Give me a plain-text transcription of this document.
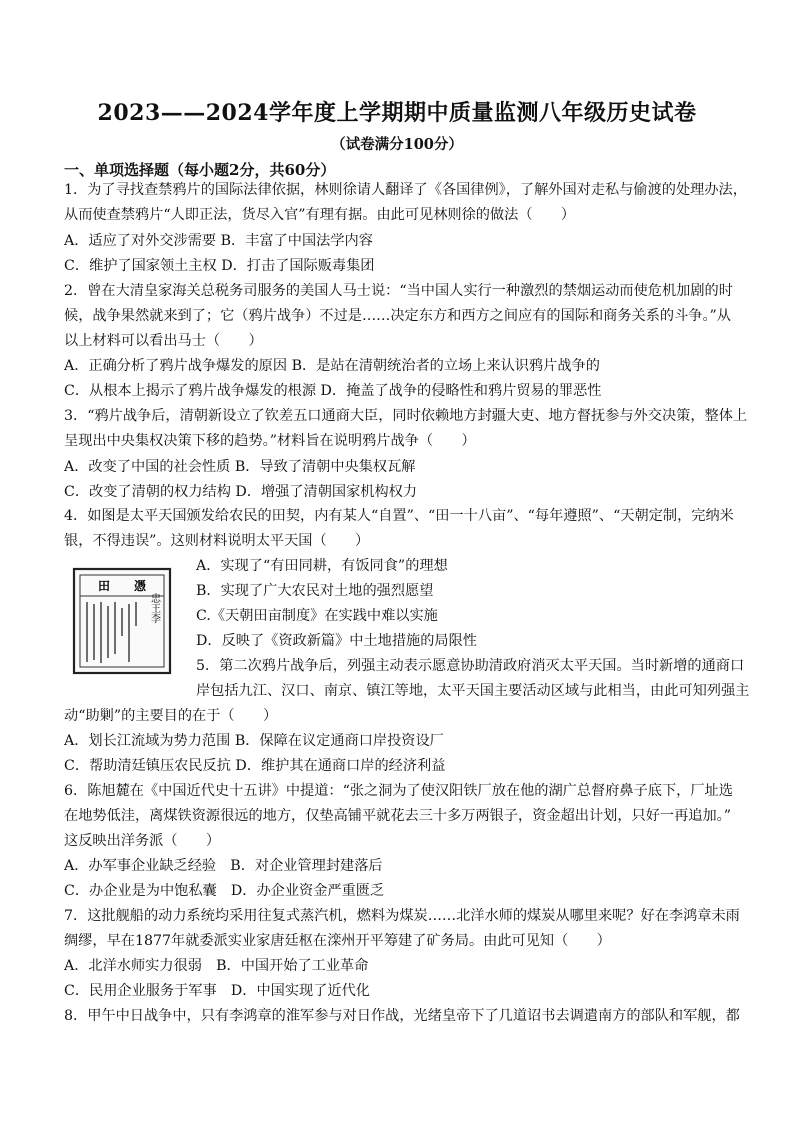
2023——2024学年度上学期期中质量监测八年级历史试卷
（试卷满分100分）
一、单项选择题（每小题2分，共60分）
1．为了寻找查禁鸦片的国际法律依据，林则徐请人翻译了《各国律例》，了解外国对走私与偷渡的处理办法，
从而使查禁鸦片“人即正法，货尽入官”有理有据。由此可见林则徐的做法（　　）
A．适应了对外交涉需要 B．丰富了中国法学内容
C．维护了国家领土主权 D．打击了国际贩毒集团
2．曾在大清皇家海关总税务司服务的美国人马士说：“当中国人实行一种激烈的禁烟运动而使危机加剧的时
候，战争果然就来到了；它（鸦片战争）不过是……决定东方和西方之间应有的国际和商务关系的斗争。”从
以上材料可以看出马士（　　）
A．正确分析了鸦片战争爆发的原因 B．是站在清朝统治者的立场上来认识鸦片战争的
C．从根本上揭示了鸦片战争爆发的根源 D．掩盖了战争的侵略性和鸦片贸易的罪恶性
3．“鸦片战争后，清朝新设立了钦差五口通商大臣，同时依赖地方封疆大吏、地方督抚参与外交决策，整体上
呈现出中央集权决策下移的趋势。”材料旨在说明鸦片战争（　　）
A．改变了中国的社会性质 B．导致了清朝中央集权瓦解
C．改变了清朝的权力结构 D．增强了清朝国家机构权力
4．如图是太平天国颁发给农民的田契，内有某人“自置”、“田一十八亩”、“每年遵照”、“天朝定制，完纳米
银，不得违误”。这则材料说明太平天国（　　）
田　　憑
忠王李
A．实现了“有田同耕，有饭同食”的理想
B．实现了广大农民对土地的强烈愿望
C.《天朝田亩制度》在实践中难以实施
D．反映了《资政新篇》中土地措施的局限性
5．第二次鸦片战争后，列强主动表示愿意协助清政府消灭太平天国。当时新增的通商口
岸包括九江、汉口、南京、镇江等地，太平天国主要活动区域与此相当，由此可知列强主
动“助剿”的主要目的在于（　　）
A．划长江流域为势力范围 B．保障在议定通商口岸投资设厂
C．帮助清廷镇压农民反抗 D．维护其在通商口岸的经济利益
6．陈旭麓在《中国近代史十五讲》中提道：“张之洞为了使汉阳铁厂放在他的湖广总督府鼻子底下，厂址选
在地势低洼，离煤铁资源很远的地方，仅垫高铺平就花去三十多万两银子，资金超出计划，只好一再追加。”
这反映出洋务派（　　）
A．办军事企业缺乏经验　B．对企业管理封建落后
C．办企业是为中饱私囊　D．办企业资金严重匮乏
7．这批舰船的动力系统均采用往复式蒸汽机，燃料为煤炭……北洋水师的煤炭从哪里来呢？好在李鸿章未雨
绸缪，早在1877年就委派实业家唐廷枢在滦州开平筹建了矿务局。由此可见知（　　）
A．北洋水师实力很弱　B．中国开始了工业革命
C．民用企业服务于军事　D．中国实现了近代化
8．甲午中日战争中，只有李鸿章的淮军参与对日作战，光绪皇帝下了几道诏书去调遣南方的部队和军舰，都
